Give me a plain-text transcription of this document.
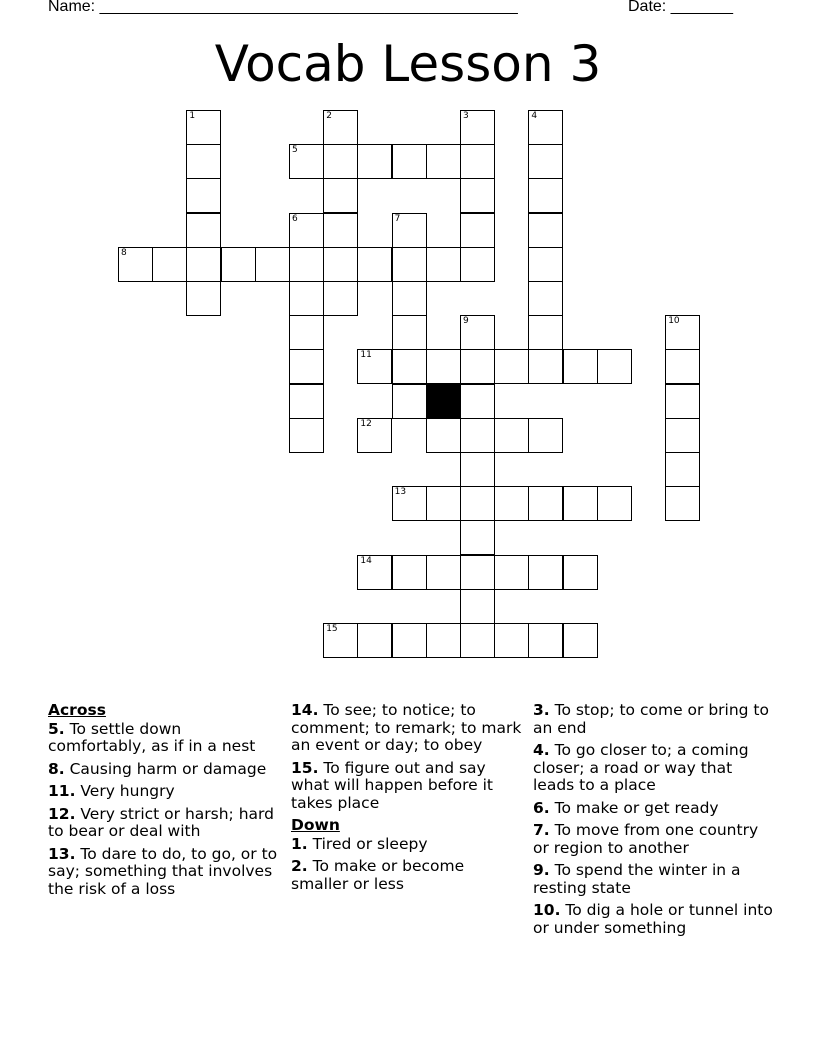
Name: _______________________________________________	Date: _______
Vocab Lesson 3
1	2	3	4
5
6	7
8
9	10
11
12
13
14
15
Across
5. To settle down comfortably, as if in a nest
8. Causing harm or damage
11. Very hungry
12. Very strict or harsh; hard to bear or deal with
13. To dare to do, to go, or to say; something that involves the risk of a loss
14. To see; to notice; to comment; to remark; to mark an event or day; to obey
15. To figure out and say what will happen before it takes place
Down
1. Tired or sleepy
2. To make or become smaller or less
3. To stop; to come or bring to an end
4. To go closer to; a coming closer; a road or way that leads to a place
6. To make or get ready
7. To move from one country or region to another
9. To spend the winter in a resting state
10. To dig a hole or tunnel into or under something
